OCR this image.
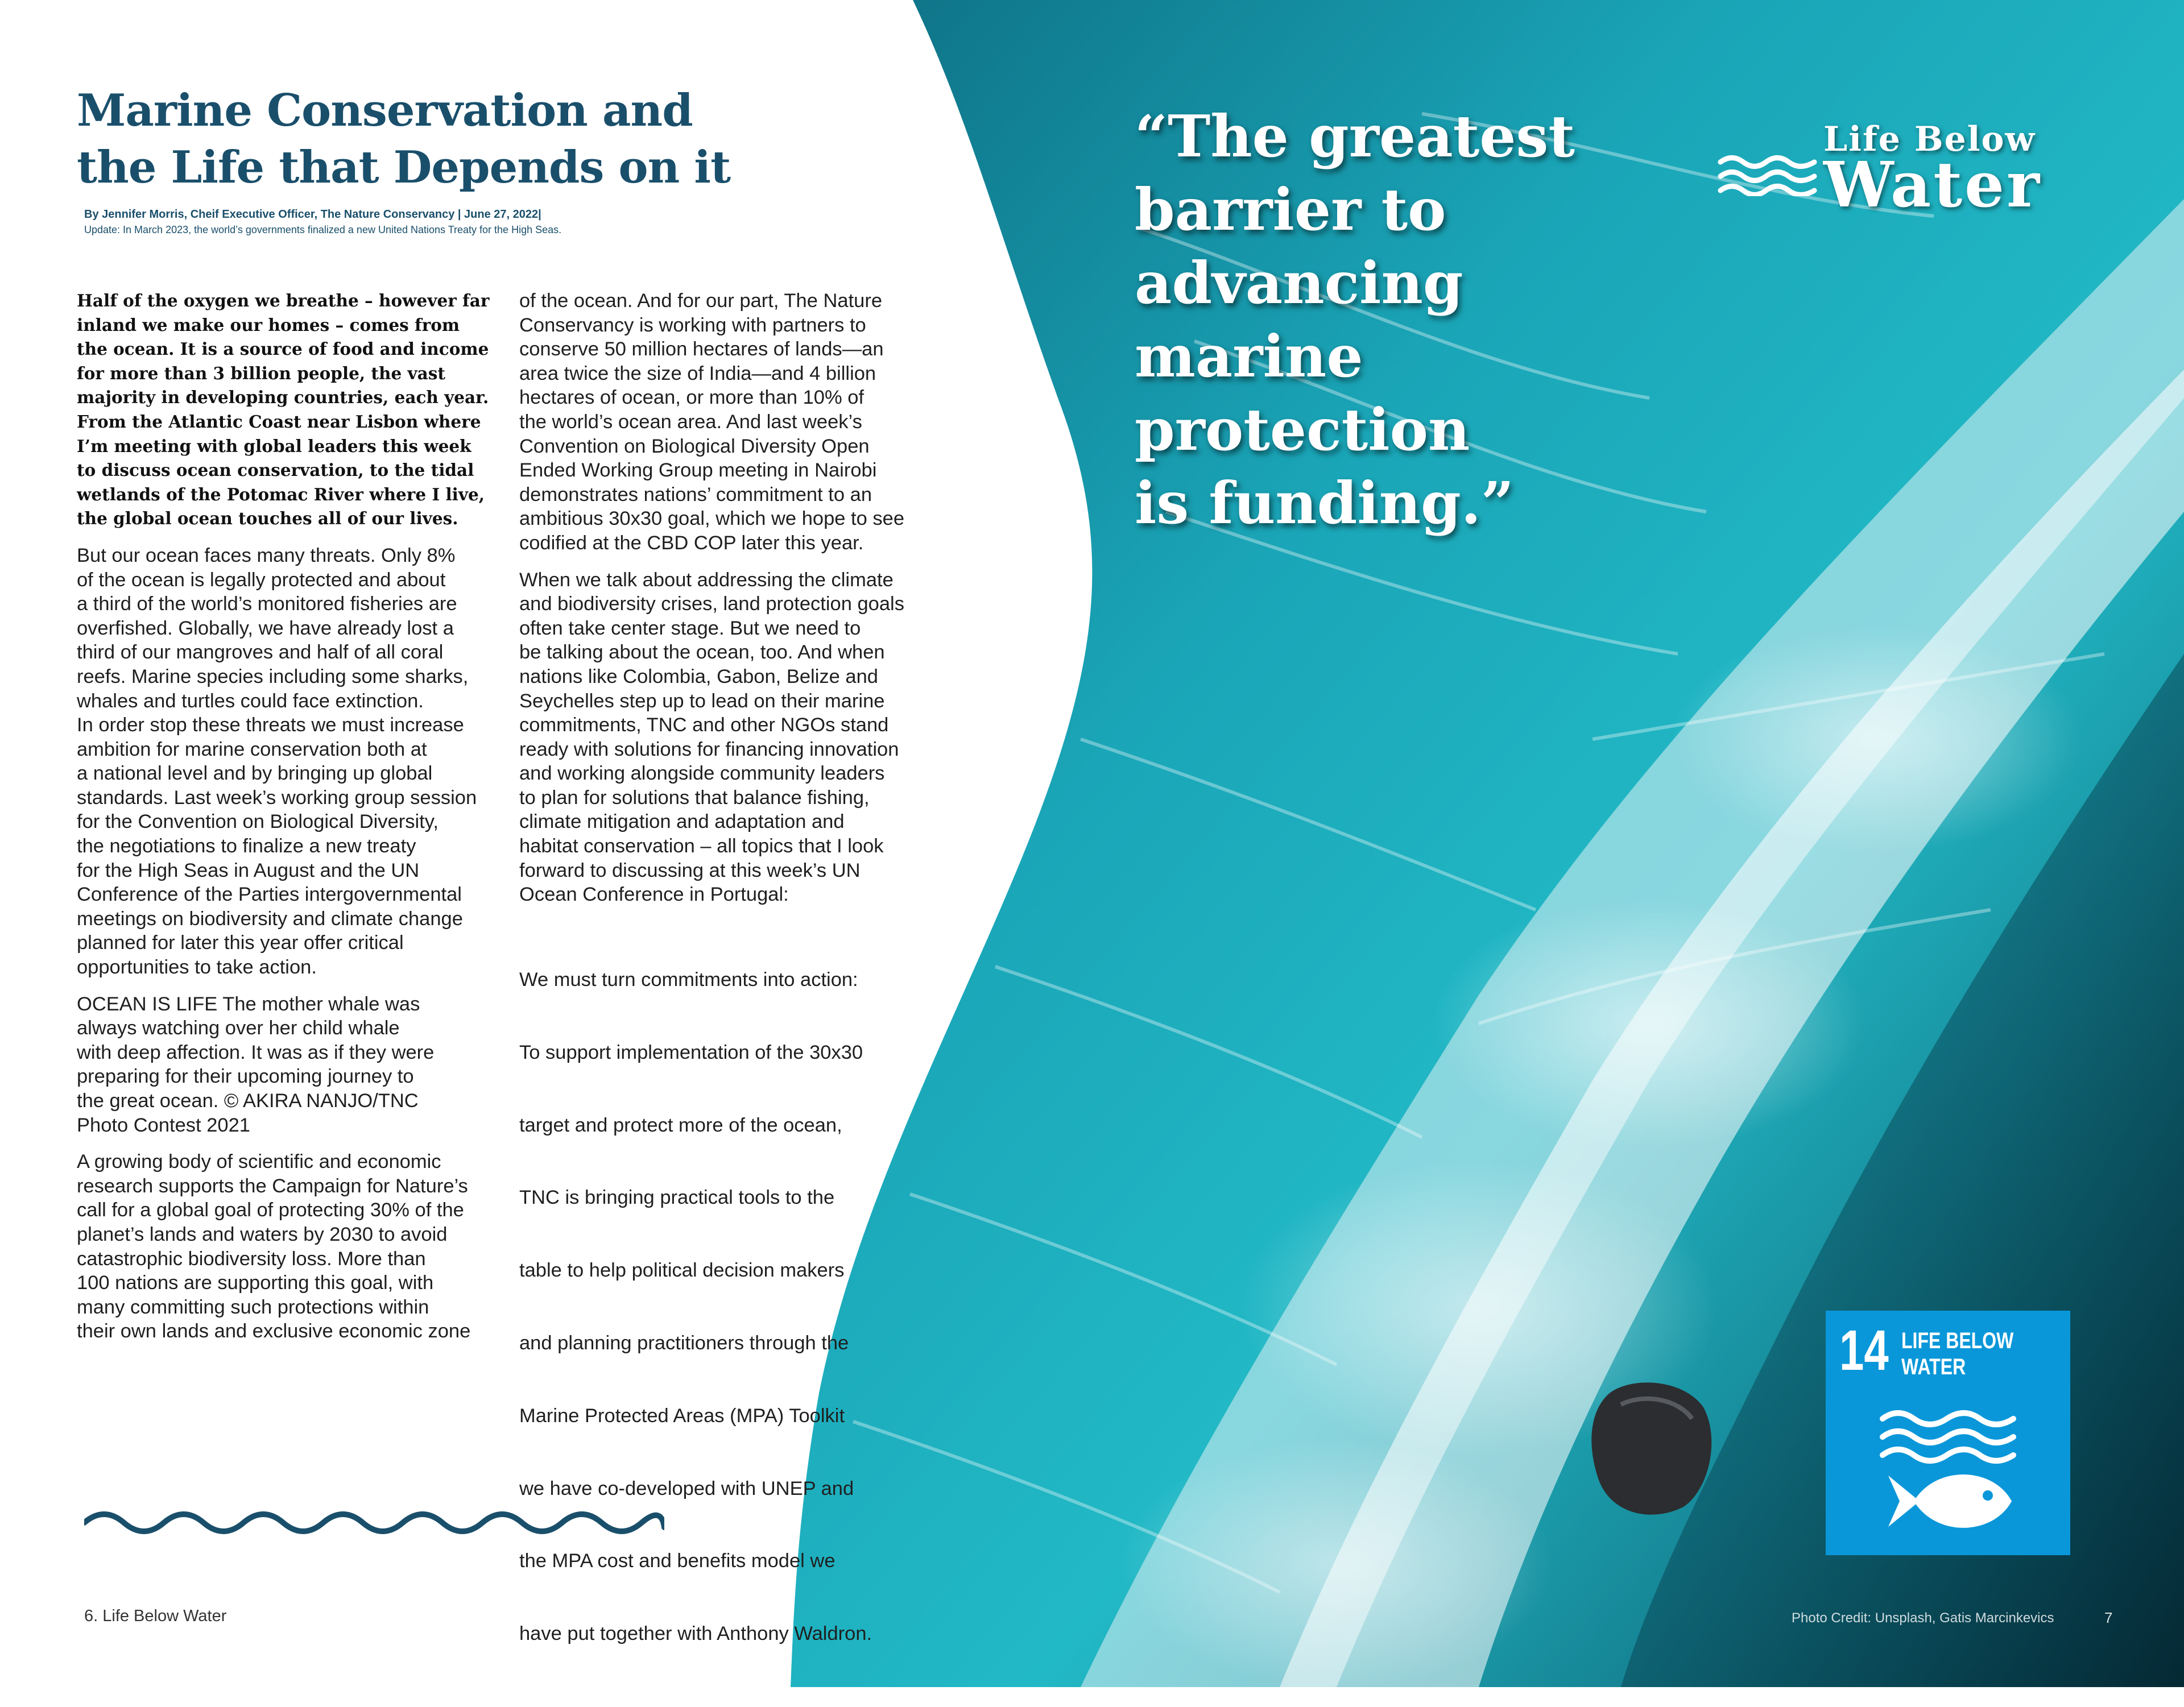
Marine Conservation and
the Life that Depends on it
By Jennifer Morris, Cheif Executive Officer, The Nature Conservancy | June 27, 2022|
Update: In March 2023, the world’s governments finalized a new United Nations Treaty for the High Seas.

Half of the oxygen we breathe – however far
inland we make our homes – comes from
the ocean. It is a source of food and income
for more than 3 billion people, the vast
majority in developing countries, each year.
From the Atlantic Coast near Lisbon where
I’m meeting with global leaders this week
to discuss ocean conservation, to the tidal
wetlands of the Potomac River where I live,
the global ocean touches all of our lives.

But our ocean faces many threats. Only 8%
of the ocean is legally protected and about
a third of the world’s monitored fisheries are
overfished. Globally, we have already lost a
third of our mangroves and half of all coral
reefs. Marine species including some sharks,
whales and turtles could face extinction.
In order stop these threats we must increase
ambition for marine conservation both at
a national level and by bringing up global
standards. Last week’s working group session
for the Convention on Biological Diversity,
the negotiations to finalize a new treaty
for the High Seas in August and the UN
Conference of the Parties intergovernmental
meetings on biodiversity and climate change
planned for later this year offer critical
opportunities to take action.

OCEAN IS LIFE The mother whale was
always watching over her child whale
with deep affection. It was as if they were
preparing for their upcoming journey to
the great ocean. © AKIRA NANJO/TNC
Photo Contest 2021

A growing body of scientific and economic
research supports the Campaign for Nature’s
call for a global goal of protecting 30% of the
planet’s lands and waters by 2030 to avoid
catastrophic biodiversity loss. More than
100 nations are supporting this goal, with
many committing such protections within
their own lands and exclusive economic zone

of the ocean. And for our part, The Nature
Conservancy is working with partners to
conserve 50 million hectares of lands—an
area twice the size of India—and 4 billion
hectares of ocean, or more than 10% of
the world’s ocean area. And last week’s
Convention on Biological Diversity Open
Ended Working Group meeting in Nairobi
demonstrates nations’ commitment to an
ambitious 30x30 goal, which we hope to see
codified at the CBD COP later this year.

When we talk about addressing the climate
and biodiversity crises, land protection goals
often take center stage. But we need to
be talking about the ocean, too. And when
nations like Colombia, Gabon, Belize and
Seychelles step up to lead on their marine
commitments, TNC and other NGOs stand
ready with solutions for financing innovation
and working alongside community leaders
to plan for solutions that balance fishing,
climate mitigation and adaptation and
habitat conservation – all topics that I look
forward to discussing at this week’s UN
Ocean Conference in Portugal:

We must turn commitments into action:

To support implementation of the 30x30

target and protect more of the ocean,

TNC is bringing practical tools to the

table to help political decision makers

and planning practitioners through the

Marine Protected Areas (MPA) Toolkit

we have co-developed with UNEP and

the MPA cost and benefits model we

have put together with Anthony Waldron.

6. Life Below Water
“The greatest
barrier to
advancing
marine
protection
is funding.”
Life Below
Water
14 LIFE BELOW
WATER
Photo Credit: Unsplash, Gatis Marcinkevics	7
